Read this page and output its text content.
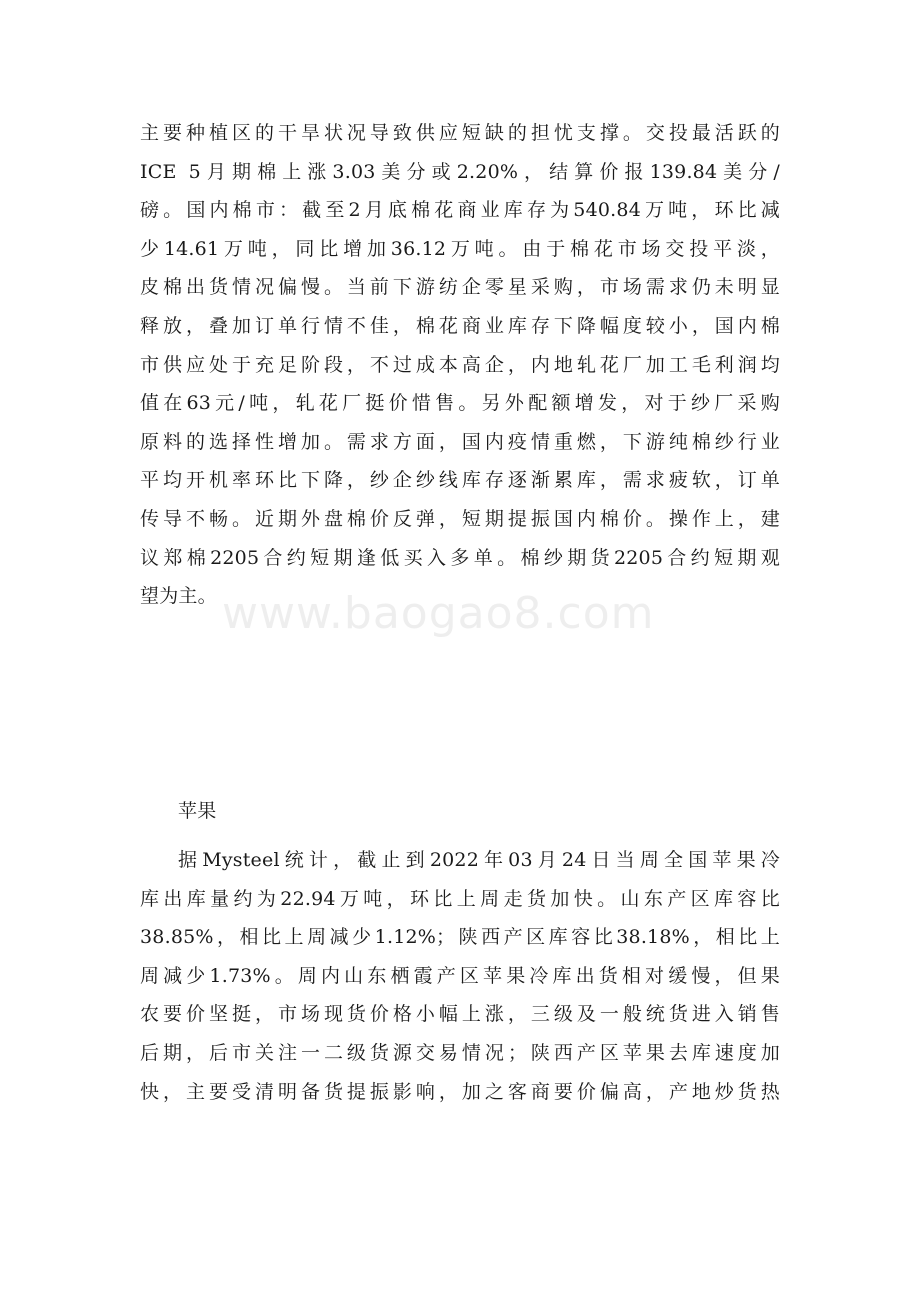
主要种植区的干旱状况导致供应短缺的担忧支撑。交投最活跃的
ICE 5月期棉上涨3.03美分或2.20%，结算价报139.84美分/
磅。国内棉市：截至2月底棉花商业库存为540.84万吨，环比减
少14.61万吨，同比增加36.12万吨。由于棉花市场交投平淡，
皮棉出货情况偏慢。当前下游纺企零星采购，市场需求仍未明显
释放，叠加订单行情不佳，棉花商业库存下降幅度较小，国内棉
市供应处于充足阶段，不过成本高企，内地轧花厂加工毛利润均
值在63元/吨，轧花厂挺价惜售。另外配额增发，对于纱厂采购
原料的选择性增加。需求方面，国内疫情重燃，下游纯棉纱行业
平均开机率环比下降，纱企纱线库存逐渐累库，需求疲软，订单
传导不畅。近期外盘棉价反弹，短期提振国内棉价。操作上，建
议郑棉2205合约短期逢低买入多单。棉纱期货2205合约短期观
望为主。
苹果
据Mysteel统计，截止到2022年03月24日当周全国苹果冷
库出库量约为22.94万吨，环比上周走货加快。山东产区库容比
38.85%，相比上周减少1.12%；陕西产区库容比38.18%，相比上
周减少1.73%。周内山东栖霞产区苹果冷库出货相对缓慢，但果
农要价坚挺，市场现货价格小幅上涨，三级及一般统货进入销售
后期，后市关注一二级货源交易情况；陕西产区苹果去库速度加
快，主要受清明备货提振影响，加之客商要价偏高，产地炒货热
www.baogao8.com
